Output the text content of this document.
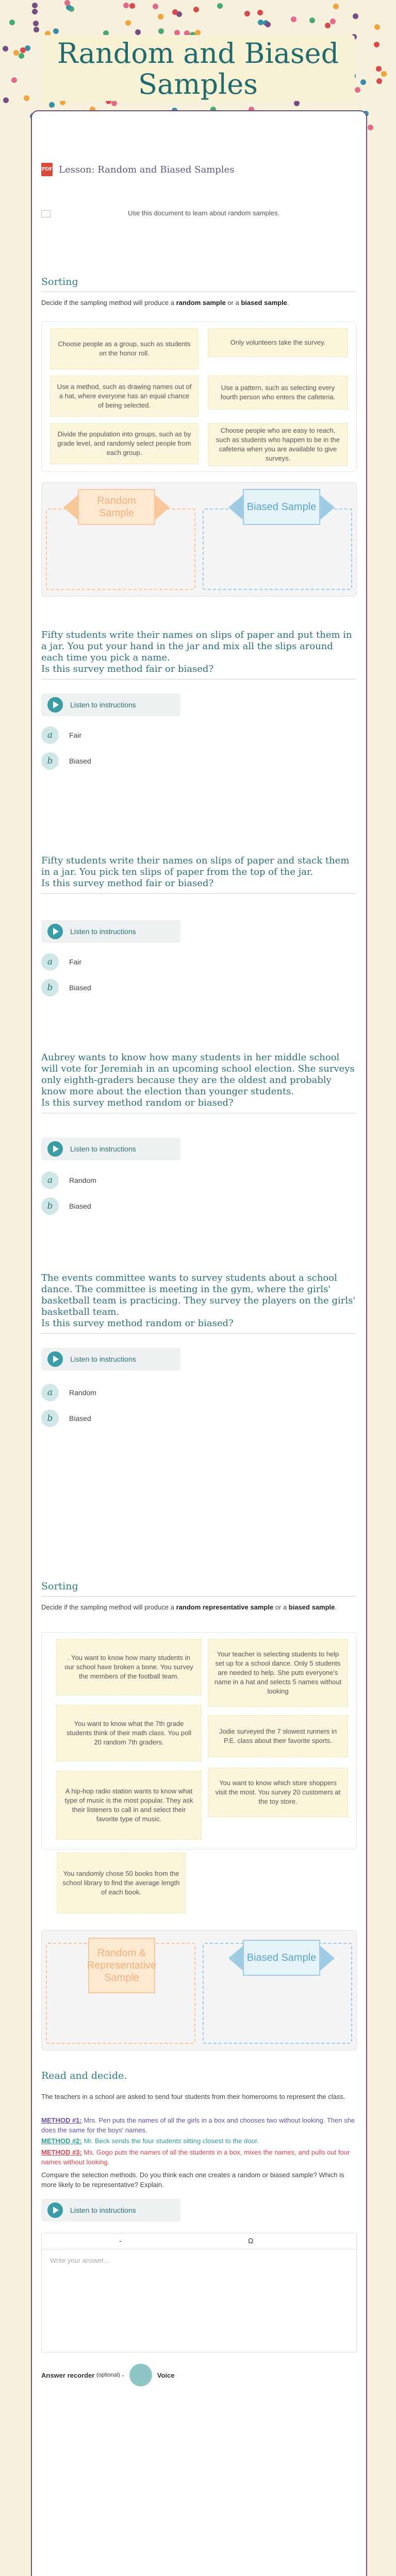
Random and Biased Samples
PDF Lesson: Random and Biased Samples
Use this document to learn about random samples.
Sorting
Decide if the sampling method will produce a random sample or a biased sample.
Choose people as a group, such as students on the honor roll.
Only volunteers take the survey.
Use a method, such as drawing names out of a hat, where everyone has an equal chance of being selected.
Use a pattern, such as selecting every fourth person who enters the cafeteria.
Divide the population into groups, such as by grade level, and randomly select people from each group.
Choose people who are easy to reach, such as students who happen to be in the cafeteria when you are available to give surveys.
Random Sample
Biased Sample
Fifty students write their names on slips of paper and put them in a jar. You put your hand in the jar and mix all the slips around each time you pick a name.
Is this survey method fair or biased?
Listen to instructions
a	Fair
b	Biased
Fifty students write their names on slips of paper and stack them in a jar. You pick ten slips of paper from the top of the jar.
Is this survey method fair or biased?
Listen to instructions
a	Fair
b	Biased
Aubrey wants to know how many students in her middle school will vote for Jeremiah in an upcoming school election. She surveys only eighth-graders because they are the oldest and probably know more about the election than younger students.
Is this survey method random or biased?
Listen to instructions
a	Random
b	Biased
The events committee wants to survey students about a school dance. The committee is meeting in the gym, where the girls' basketball team is practicing. They survey the players on the girls' basketball team.
Is this survey method random or biased?
Listen to instructions
a	Random
b	Biased
Sorting
Decide if the sampling method will produce a random representative sample or a biased sample.
. You want to know how many students in our school have broken a bone. You survey the members of the football team.
Your teacher is selecting students to help set up for a school dance. Only 5 students are needed to help. She puts everyone's name in a hat and selects 5 names without looking
You want to know what the 7th grade students think of their math class. You poll 20 random 7th graders.
Jodie surveyed the 7 slowest runners in P.E. class about their favorite sports.
A hip-hop radio station wants to know what type of music is the most popular. They ask their listeners to call in and select their favorite type of music.
You want to know which store shoppers visit the most. You survey 20 customers at the toy store.
You randomly chose 50 books from the school library to find the average length of each book.
Random & Representative Sample
Biased Sample
Read and decide.
The teachers in a school are asked to send four students from their homerooms to represent the class.
METHOD #1: Mrs. Pen puts the names of all the girls in a box and chooses two without looking. Then she does the same for the boys' names.
METHOD #2: Mr. Beck sends the four students sitting closest to the door.
METHOD #3: Ms. Gogo puts the names of all the students in a box, mixes the names, and pulls out four names without looking.
Compare the selection methods. Do you think each one creates a random or biased sample? Which is more likely to be representative? Explain.
Listen to instructions
-	Ω
Write your answer...
Answer recorder
(optional)
-	Voice
